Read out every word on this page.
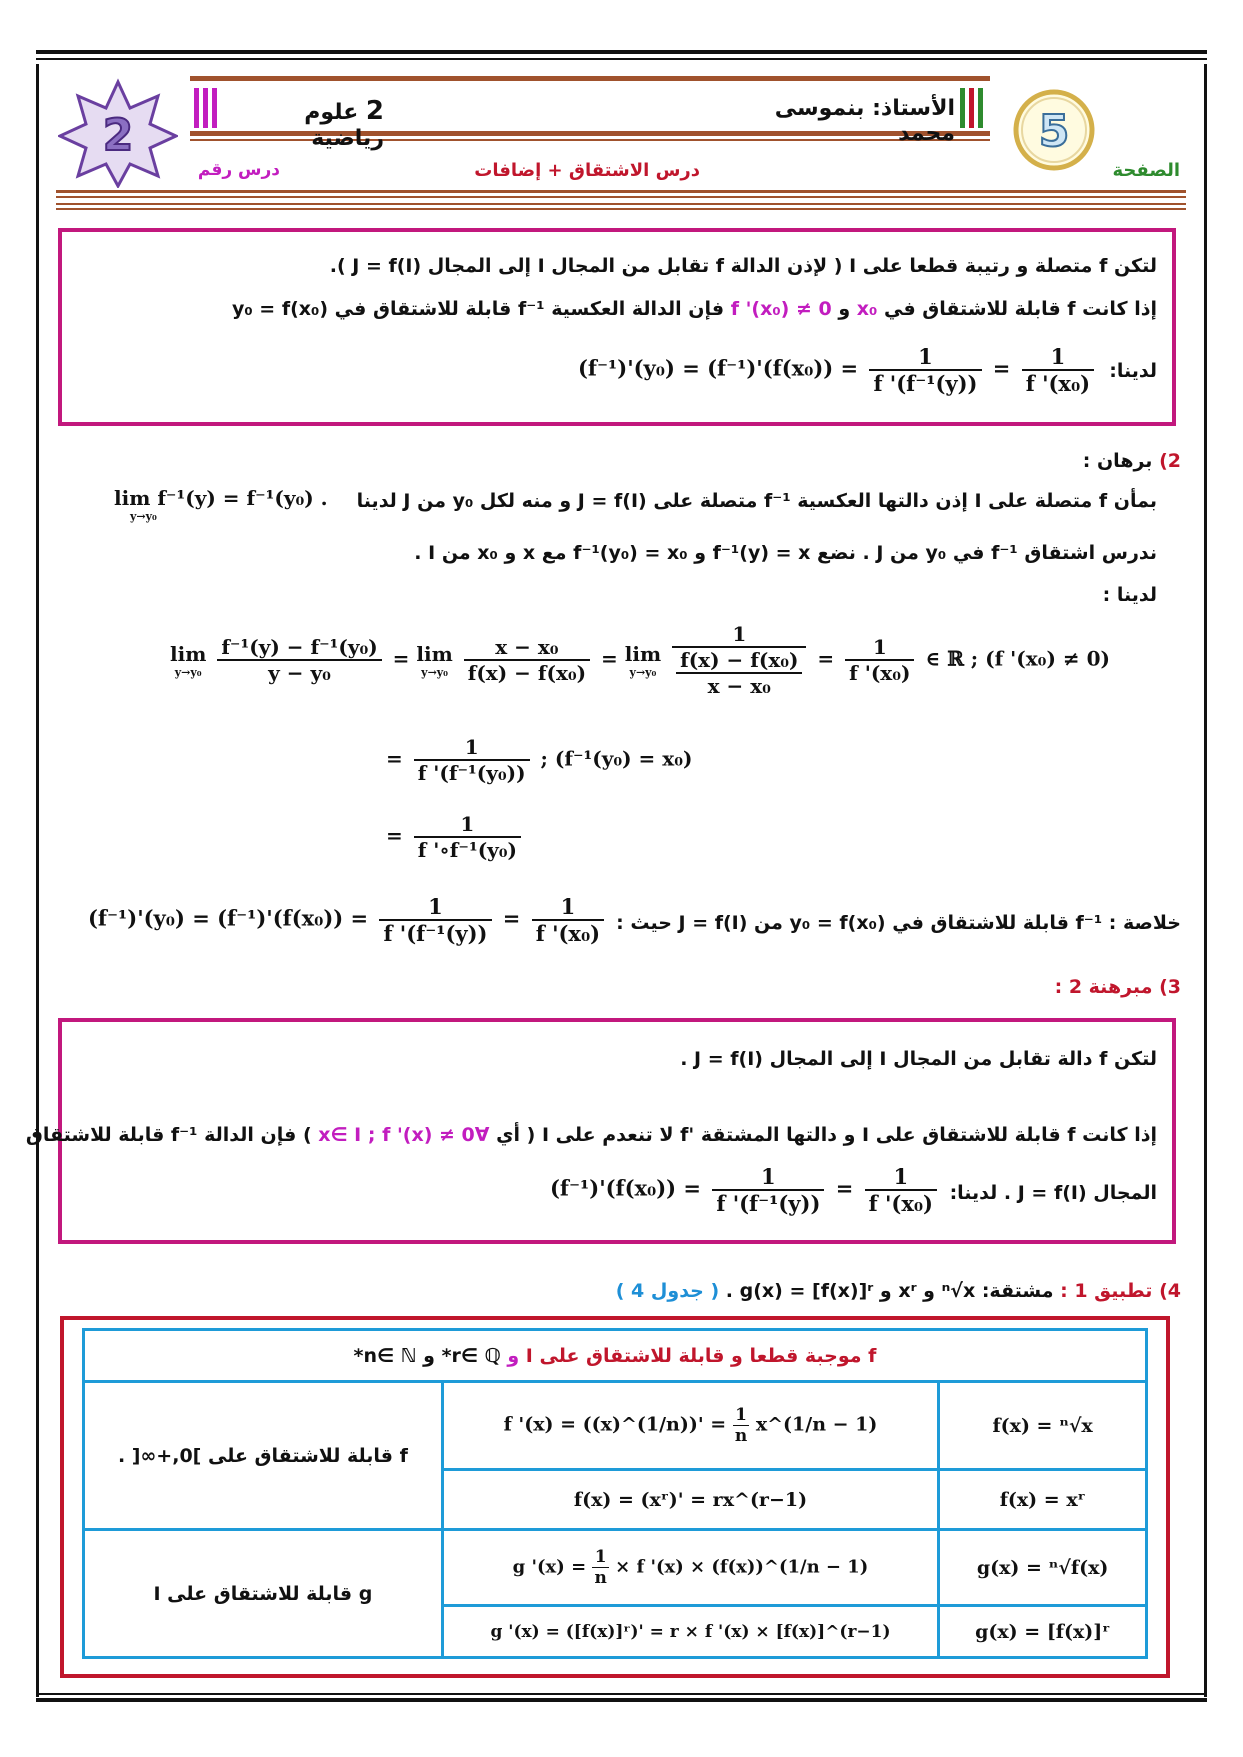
2	5
2 علوم رياضية
الأستاذ: بنموسى محمد
الصفحة
درس الاشتقاق + إضافات
درس رقم
لتكن f متصلة و رتيبة قطعا على I ( لإذن الدالة f تقابل من المجال I إلى المجال J = f(I) ).
إذا كانت f قابلة للاشتقاق في x₀ و f '(x₀) ≠ 0 فإن الدالة العكسية f⁻¹ قابلة للاشتقاق في y₀ = f(x₀)
لدينا:
$(f^{-1})'(y_0) = (f^{-1})'(f(x_0)) = \frac{1}{\text{f '(f⁻¹(y))}} = \frac{1}{\text{f '(x₀)}}$
2) برهان :
بمأن f متصلة على I إذن دالتها العكسية f⁻¹ متصلة على J = f(I) و منه لكل y₀ من J لدينا
lim f⁻¹(y) = f⁻¹(y₀) .
y→y₀
ندرس اشتقاق f⁻¹ في y₀ من J . نضع f⁻¹(y) = x و f⁻¹(y₀) = x₀ مع x و x₀ من I .
لدينا :
lim
y→y₀
$\frac{\text{f⁻¹(y) − f⁻¹(y₀)}}{\text{y − y₀}} = \lim$
y→y₀
$\frac{\text{x − x₀}}{\text{f(x) − f(x₀)}} = \lim$
y→y₀
$\frac{1}{\frac{\text{f(x) − f(x₀)}}{\text{x − x₀}}} = \frac{1}{\text{f '(x₀)}}$ ∈ ℝ ; (f '(x₀) ≠ 0)
= $\frac{1}{\text{f '(f⁻¹(y₀))}}$ ; (f⁻¹(y₀) = x₀)
= $\frac{1}{\text{f '∘f⁻¹(y₀)}}$
خلاصة : f⁻¹ قابلة للاشتقاق في y₀ = f(x₀) من J = f(I) حيث :
$(f^{-1})'(y_0) = (f^{-1})'(f(x_0)) = \frac{1}{\text{f '(f⁻¹(y))}} = \frac{1}{\text{f '(x₀)}}$
3) مبرهنة 2 :
لتكن f دالة تقابل من المجال I إلى المجال J = f(I) .
إذا كانت f قابلة للاشتقاق على I و دالتها المشتقة 'f لا تنعدم على I ( أي ∀x∈ I ; f '(x) ≠ 0 ) فإن الدالة f⁻¹ قابلة للاشتقاق
المجال J = f(I) . لدينا:
$(f^{-1})'(f(x_0)) = \frac{1}{\text{f '(f⁻¹(y))}} = \frac{1}{\text{f '(x₀)}}$
4) تطبيق 1 : مشتقة: ⁿ√x و xʳ و g(x) = [f(x)]ʳ . ( جدول 4 )
f موجبة قطعا و قابلة للاشتقاق على I و r∈ ℚ* و n∈ ℕ*		
f قابلة للاشتقاق على ]0,+∞[ .	f '(x) = ((x)^(1/n))' = $\frac{1}{n}$ x^(1/n − 1)	f(x) = ⁿ√x
	f(x) = (xʳ)' = rx^(r−1)	f(x) = xʳ
g قابلة للاشتقاق على I	g '$(x) = \frac{1}{n} \times f$ '(x) × (f(x))^(1/n − 1)	g(x) = ⁿ√f(x)
	g '(x) = ([f(x)]ʳ)' = r × f '(x) × [f(x)]^(r−1)	g(x) = [f(x)]ʳ
